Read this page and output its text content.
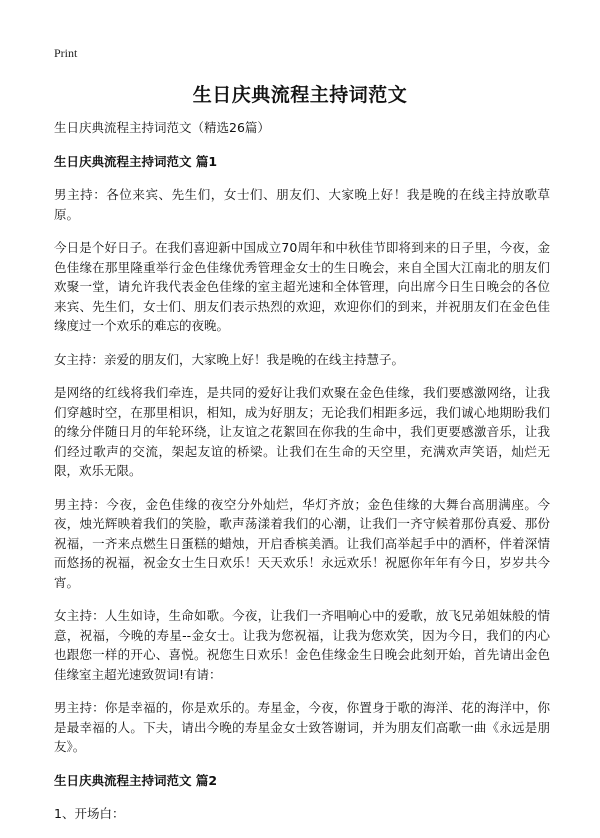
Print
生日庆典流程主持词范文

生日庆典流程主持词范文（精选26篇）

生日庆典流程主持词范文 篇1

男主持：各位来宾、先生们，女士们、朋友们、大家晚上好！我是晚的在线主持放歌草原。

今日是个好日子。在我们喜迎新中国成立70周年和中秋佳节即将到来的日子里，今夜，金色佳缘在那里隆重举行金色佳缘优秀管理金女士的生日晚会，来自全国大江南北的朋友们欢聚一堂，请允许我代表金色佳缘的室主超光速和全体管理，向出席今日生日晚会的各位来宾、先生们，女士们、朋友们表示热烈的欢迎，欢迎你们的到来，并祝朋友们在金色佳缘度过一个欢乐的难忘的夜晚。

女主持：亲爱的朋友们，大家晚上好！我是晚的在线主持慧子。

是网络的红线将我们牵连，是共同的爱好让我们欢聚在金色佳缘，我们要感激网络，让我们穿越时空，在那里相识，相知，成为好朋友；无论我们相距多远，我们诚心地期盼我们的缘分伴随日月的年轮环绕，让友谊之花絮回在你我的生命中，我们更要感激音乐，让我们经过歌声的交流，架起友谊的桥梁。让我们在生命的天空里，充满欢声笑语，灿烂无限，欢乐无限。

男主持：今夜，金色佳缘的夜空分外灿烂，华灯齐放；金色佳缘的大舞台高朋满座。今夜，烛光辉映着我们的笑脸，歌声荡漾着我们的心潮，让我们一齐守候着那份真爱、那份祝福，一齐来点燃生日蛋糕的蜡烛，开启香槟美酒。让我们高举起手中的酒杯，伴着深情而悠扬的祝福，祝金女士生日欢乐！天天欢乐！永远欢乐！祝愿你年年有今日，岁岁共今宵。

女主持：人生如诗，生命如歌。今夜，让我们一齐唱响心中的爱歌，放飞兄弟姐妹般的情意，祝福，今晚的寿星--金女士。让我为您祝福，让我为您欢笑，因为今日，我们的内心也跟您一样的开心、喜悦。祝您生日欢乐！金色佳缘金生日晚会此刻开始，首先请出金色佳缘室主超光速致贺词!有请：

男主持：你是幸福的，你是欢乐的。寿星金，今夜，你置身于歌的海洋、花的海洋中，你是最幸福的人。下夫，请出今晚的寿星金女士致答谢词，并为朋友们高歌一曲《永远是朋友》。

生日庆典流程主持词范文 篇2

1、开场白：
